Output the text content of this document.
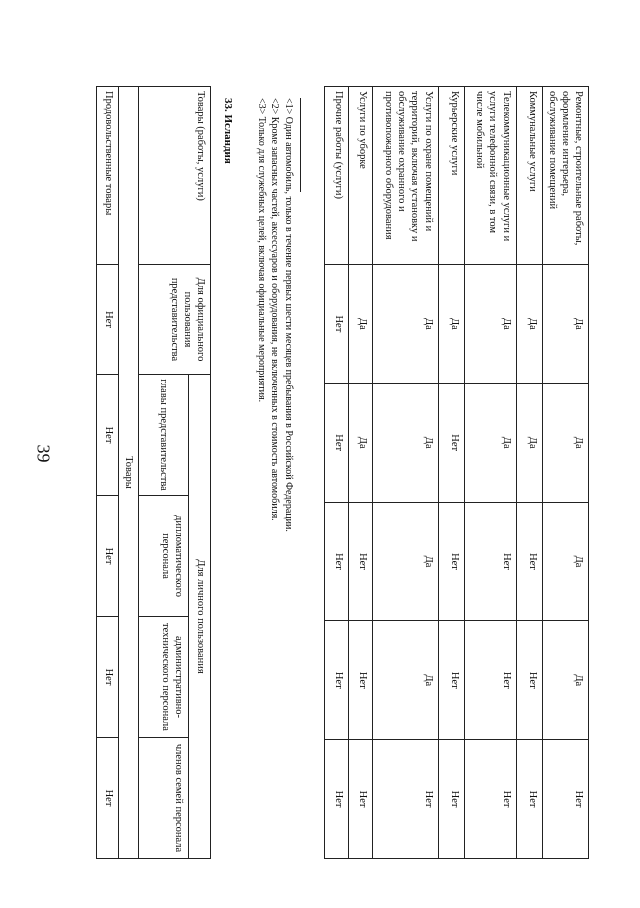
39
Ремонтные, строительные работы, оформление интерьера, обслуживание помещений	Да	Да	Да	Да	Нет
Коммунальные услуги	Да	Да	Нет	Нет	Нет
Телекоммуникационные услуги и услуги телефонной связи, в том числе мобильной	Да	Да	Нет	Нет	Нет
Курьерские услуги	Да	Нет	Нет	Нет	Нет
Услуги по охране помещений и территорий, включая установку и обслуживание охранного и противопожарного оборудования	Да	Да	Да	Да	Нет
Услуги по уборке	Да	Да	Нет	Нет	Нет
Прочие работы (услуги)	Нет	Нет	Нет	Нет	Нет

<1> Один автомобиль, только в течение первых шести месяцев пребывания в Российской Федерации.

<2> Кроме запасных частей, аксессуаров и оборудования, не включенных в стоимость автомобиля.

<3> Только для служебных целей, включая официальные мероприятия.

33. Исландия
Товары (работы, услуги)	Для официального пользования представительства	Для личного пользования			
		главы представительства	дипломатического персонала	административно-технического персонала	членов семей персонала
Товары					
Продовольственные товары	Нет	Нет	Нет	Нет	Нет
